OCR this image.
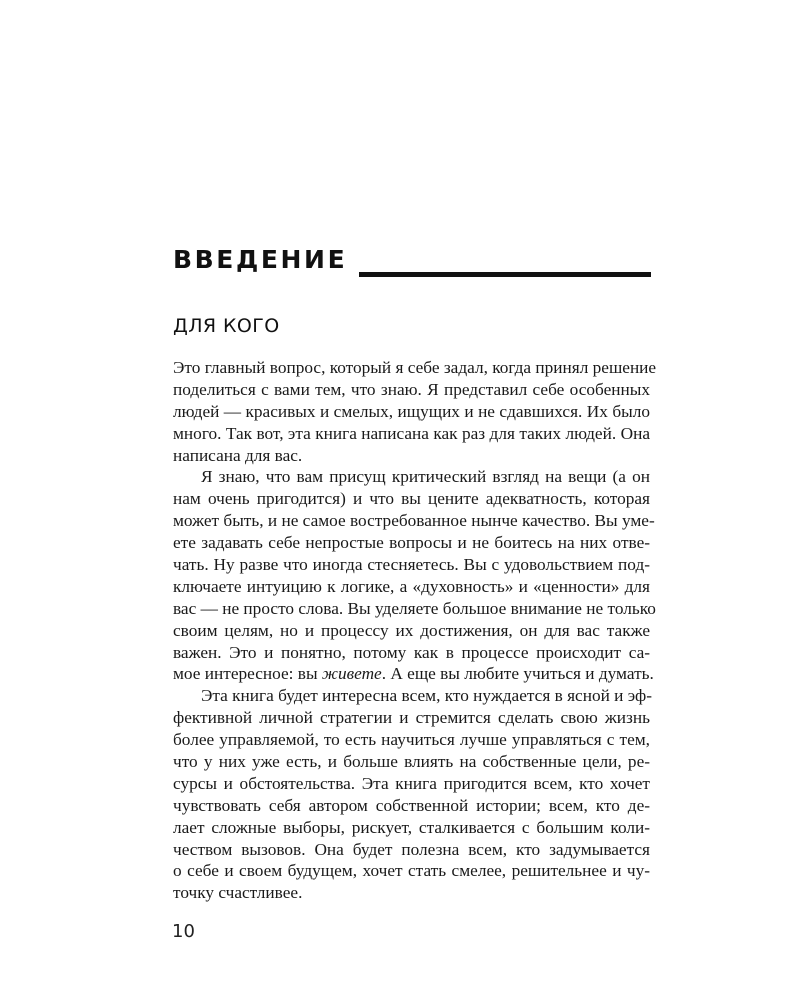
ВВЕДЕНИЕ
ДЛЯ КОГО
Это главный вопрос, который я себе задал, когда принял решение
поделиться с вами тем, что знаю. Я представил себе особенных
людей — красивых и смелых, ищущих и не сдавшихся. Их было
много. Так вот, эта книга написана как раз для таких людей. Она
написана для вас.
Я знаю, что вам присущ критический взгляд на вещи (а он
нам очень пригодится) и что вы цените адекватность, которая
может быть, и не самое востребованное нынче качество. Вы уме-
ете задавать себе непростые вопросы и не боитесь на них отве-
чать. Ну разве что иногда стесняетесь. Вы с удовольствием под-
ключаете интуицию к логике, а «духовность» и «ценности» для
вас — не просто слова. Вы уделяете большое внимание не только
своим целям, но и процессу их достижения, он для вас также
важен. Это и понятно, потому как в процессе происходит са-
мое интересное: вы живете. А еще вы любите учиться и думать.
Эта книга будет интересна всем, кто нуждается в ясной и эф-
фективной личной стратегии и стремится сделать свою жизнь
более управляемой, то есть научиться лучше управляться с тем,
что у них уже есть, и больше влиять на собственные цели, ре-
сурсы и обстоятельства. Эта книга пригодится всем, кто хочет
чувствовать себя автором собственной истории; всем, кто де-
лает сложные выборы, рискует, сталкивается с большим коли-
чеством вызовов. Она будет полезна всем, кто задумывается
о себе и своем будущем, хочет стать смелее, решительнее и чу-
точку счастливее.
10
